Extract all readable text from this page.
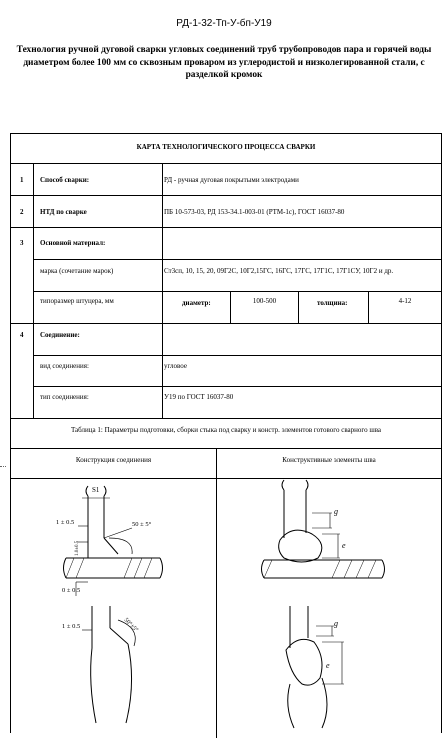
РД-1-32-Тп-У-бп-У19
Технология ручной дуговой сварки угловых соединений труб трубопроводов пара и горячей воды диаметром более 100 мм со сквозным проваром из углеродистой и низколегированной стали, с разделкой кромок
КАРТА ТЕХНОЛОГИЧЕСКОГО ПРОЦЕССА СВАРКИ
1 Способ сварки:	РД - ручная дуговая покрытыми электродами
2 НТД по сварке	ПБ 10-573-03, РД 153-34.1-003-01 (РТМ-1с), ГОСТ 16037-80
3 Основной материал:
марка (сочетание марок)	Ст3сп, 10, 15, 20, 09Г2С, 10Г2,15ГС, 16ГС, 17ГС, 17Г1С, 17Г1СУ, 10Г2 и др.
типоразмер штуцера, мм	диаметр:	100-500	толщина:	4-12
4 Соединение:
вид соединения:	угловое
тип соединения:	У19 по ГОСТ 16037-80
Таблица 1: Параметры подготовки, сборки стыка под сварку и констр. элементов готового сварного шва
Конструкция соединения	Конструктивные элементы шва
S1
1 ± 0.5
1.0±0.5
50 ± 5°
0 ± 0.5
1 ± 0.5	50°±5°
g
e
g
e
